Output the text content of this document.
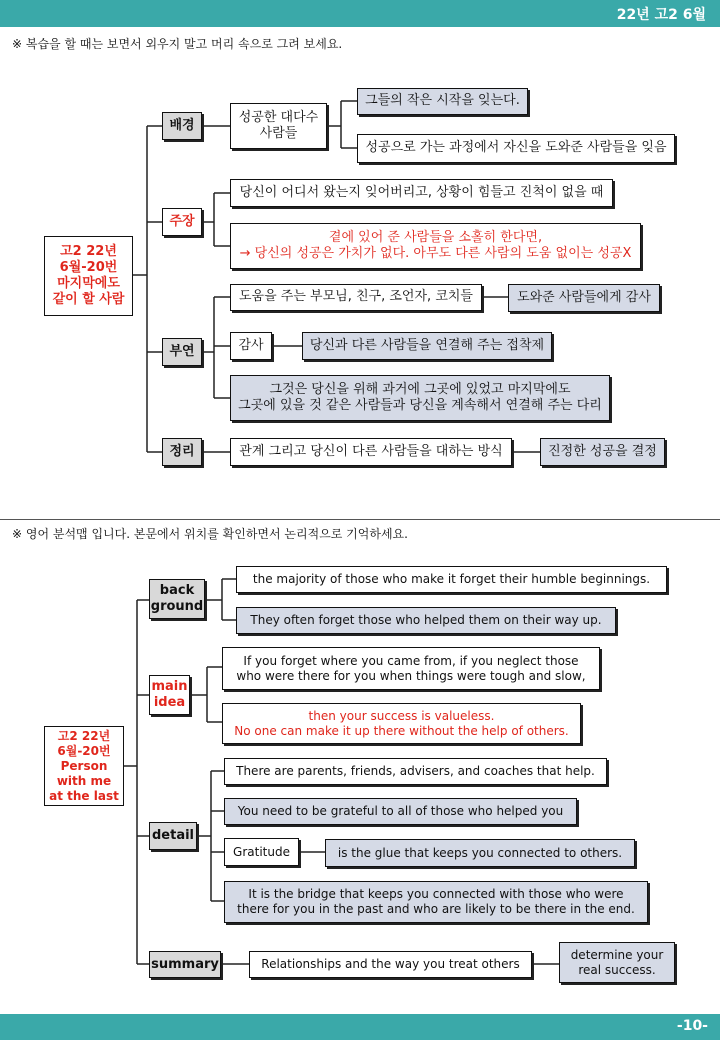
22년 고2 6월
※ 복습을 할 때는 보면서 외우지 말고 머리 속으로 그려 보세요.
고2 22년
6월-20번
마지막에도
같이 할 사람
배경
성공한 대다수
사람들
그들의 작은 시작을 잊는다.
성공으로 가는 과정에서 자신을 도와준 사람들을 잊음
주장
당신이 어디서 왔는지 잊어버리고, 상황이 힘들고 진척이 없을 때
곁에 있어 준 사람들을 소홀히 한다면,
→ 당신의 성공은 가치가 없다. 아무도 다른 사람의 도움 없이는 성공X
부연
도움을 주는 부모님, 친구, 조언자, 코치들	도와준 사람들에게 감사
감사	당신과 다른 사람들을 연결해 주는 접착제
그것은 당신을 위해 과거에 그곳에 있었고 마지막에도
그곳에 있을 것 같은 사람들과 당신을 계속해서 연결해 주는 다리
정리	관계 그리고 당신이 다른 사람들을 대하는 방식	진정한 성공을 결정
※ 영어 분석맵 입니다. 본문에서 위치를 확인하면서 논리적으로 기억하세요.
고2 22년
6월-20번
Person
with me
at the last
back
ground
the majority of those who make it forget their humble beginnings.
They often forget those who helped them on their way up.
main
idea
If you forget where you came from, if you neglect those
who were there for you when things were tough and slow,
then your success is valueless.
No one can make it up there without the help of others.
detail
There are parents, friends, advisers, and coaches that help.
You need to be grateful to all of those who helped you
Gratitude	is the glue that keeps you connected to others.
It is the bridge that keeps you connected with those who were
there for you in the past and who are likely to be there in the end.
summary	Relationships and the way you treat others
determine your
real success.
-10-
